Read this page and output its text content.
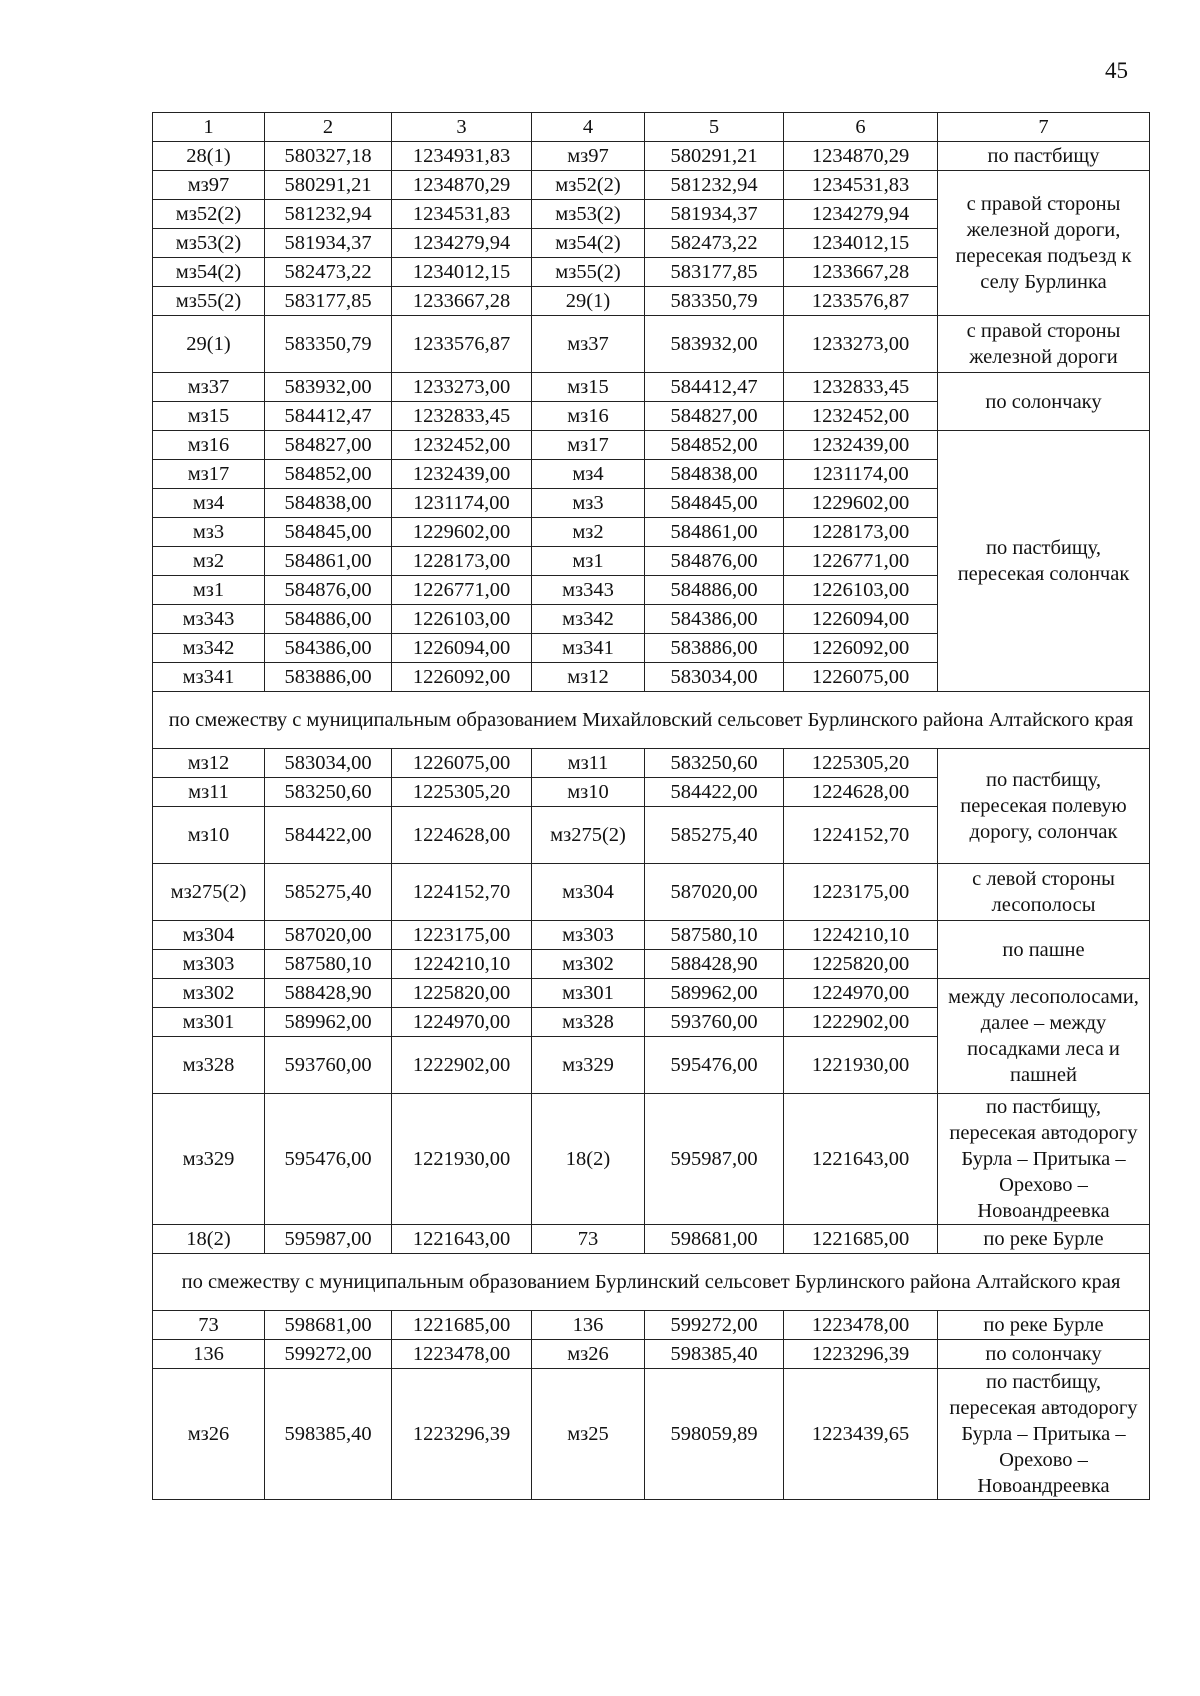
45
1	2	3	4	5	6	7
28(1)	580327,18	1234931,83	мз97	580291,21	1234870,29	по пастбищу
мз97	580291,21	1234870,29	мз52(2)	581232,94	1234531,83	с правой стороны железной дороги, пересекая подъезд к селу Бурлинка
мз52(2)	581232,94	1234531,83	мз53(2)	581934,37	1234279,94	
мз53(2)	581934,37	1234279,94	мз54(2)	582473,22	1234012,15	
мз54(2)	582473,22	1234012,15	мз55(2)	583177,85	1233667,28	
мз55(2)	583177,85	1233667,28	29(1)	583350,79	1233576,87	
29(1)	583350,79	1233576,87	мз37	583932,00	1233273,00	с правой стороны железной дороги
мз37	583932,00	1233273,00	мз15	584412,47	1232833,45	по солончаку
мз15	584412,47	1232833,45	мз16	584827,00	1232452,00	
мз16	584827,00	1232452,00	мз17	584852,00	1232439,00	по пастбищу, пересекая солончак
мз17	584852,00	1232439,00	мз4	584838,00	1231174,00	
мз4	584838,00	1231174,00	мз3	584845,00	1229602,00	
мз3	584845,00	1229602,00	мз2	584861,00	1228173,00	
мз2	584861,00	1228173,00	мз1	584876,00	1226771,00	
мз1	584876,00	1226771,00	мз343	584886,00	1226103,00	
мз343	584886,00	1226103,00	мз342	584386,00	1226094,00	
мз342	584386,00	1226094,00	мз341	583886,00	1226092,00	
мз341	583886,00	1226092,00	мз12	583034,00	1226075,00	
по смежеству с муниципальным образованием Михайловский сельсовет Бурлинского района Алтайского края						
мз12	583034,00	1226075,00	мз11	583250,60	1225305,20	по пастбищу, пересекая полевую дорогу, солончак
мз11	583250,60	1225305,20	мз10	584422,00	1224628,00	
мз10	584422,00	1224628,00	мз275(2)	585275,40	1224152,70	
мз275(2)	585275,40	1224152,70	мз304	587020,00	1223175,00	с левой стороны лесополосы
мз304	587020,00	1223175,00	мз303	587580,10	1224210,10	по пашне
мз303	587580,10	1224210,10	мз302	588428,90	1225820,00	
мз302	588428,90	1225820,00	мз301	589962,00	1224970,00	между лесополосами, далее – между посадками леса и пашней
мз301	589962,00	1224970,00	мз328	593760,00	1222902,00	
мз328	593760,00	1222902,00	мз329	595476,00	1221930,00	
мз329	595476,00	1221930,00	18(2)	595987,00	1221643,00	по пастбищу, пересекая автодорогу Бурла – Притыка – Орехово – Новоандреевка
18(2)	595987,00	1221643,00	73	598681,00	1221685,00	по реке Бурле
по смежеству с муниципальным образованием Бурлинский сельсовет Бурлинского района Алтайского края						
73	598681,00	1221685,00	136	599272,00	1223478,00	по реке Бурле
136	599272,00	1223478,00	мз26	598385,40	1223296,39	по солончаку
мз26	598385,40	1223296,39	мз25	598059,89	1223439,65	по пастбищу, пересекая автодорогу Бурла – Притыка – Орехово – Новоандреевка
